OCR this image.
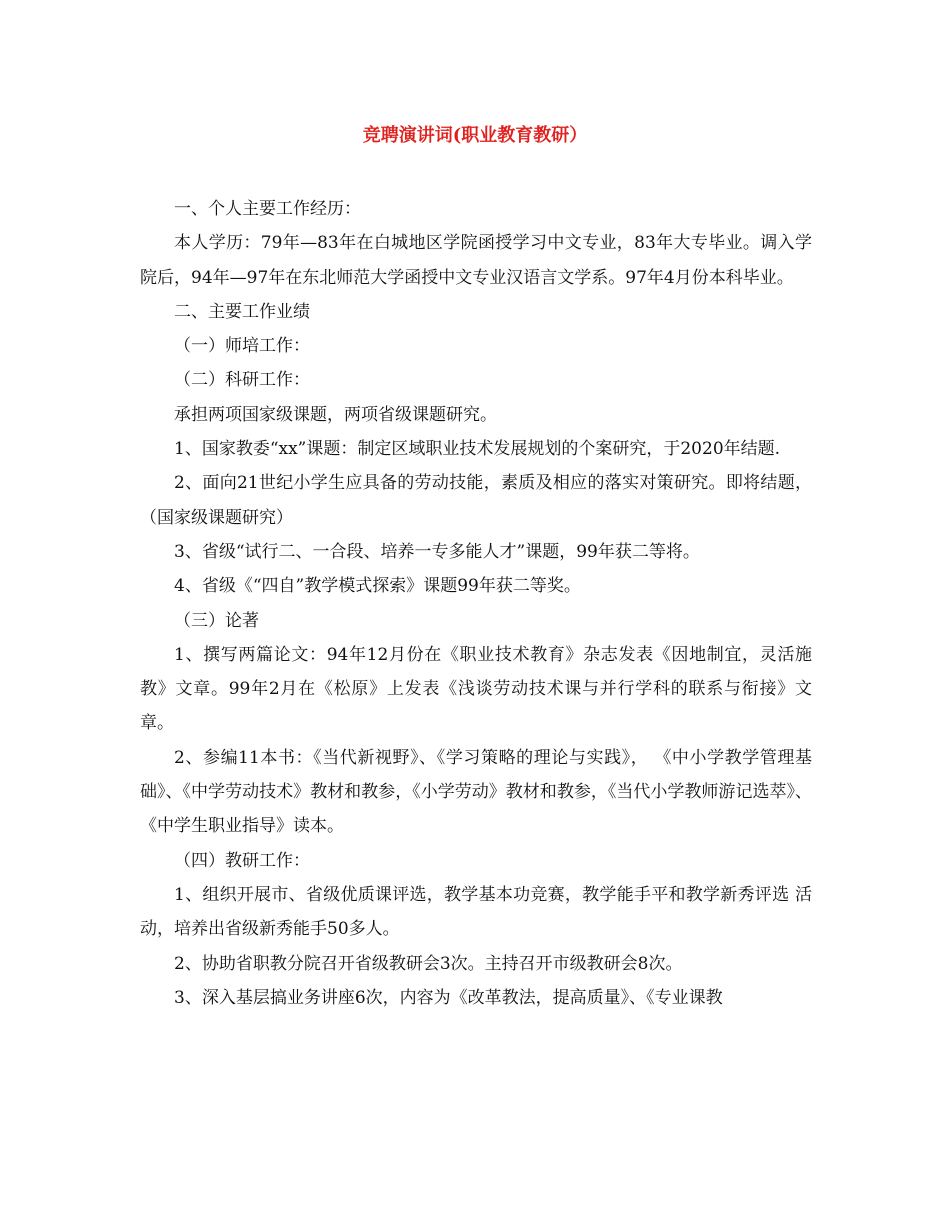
竞聘演讲词(职业教育教研）

一、个人主要工作经历：

本人学历：79年—83年在白城地区学院函授学习中文专业，83年大专毕业。调入学院后，94年—97年在东北师范大学函授中文专业汉语言文学系。97年4月份本科毕业。

二、主要工作业绩

（一）师培工作：

（二）科研工作：

承担两项国家级课题，两项省级课题研究。

1、国家教委“xx”课题：制定区域职业技术发展规划的个案研究，于2020年结题.

2、面向21世纪小学生应具备的劳动技能，素质及相应的落实对策研究。即将结题，（国家级课题研究）

3、省级“试行二、一合段、培养一专多能人才”课题，99年获二等将。

4、省级《“四自”教学模式探索》课题99年获二等奖。

（三）论著

1、撰写两篇论文：94年12月份在《职业技术教育》杂志发表《因地制宜，灵活施教》文章。99年2月在《松原》上发表《浅谈劳动技术课与并行学科的联系与衔接》文章。

2、参编11本书：《当代新视野》、《学习策略的理论与实践》， 《中小学教学管理基础》、《中学劳动技术》教材和教参，《小学劳动》教材和教参，《当代小学教师游记选萃》、《中学生职业指导》读本。

（四）教研工作：

1、组织开展市、省级优质课评选，教学基本功竞赛，教学能手平和教学新秀评选 活动，培养出省级新秀能手50多人。

2、协助省职教分院召开省级教研会3次。主持召开市级教研会8次。

3、深入基层搞业务讲座6次，内容为《改革教法，提高质量》、《专业课教
